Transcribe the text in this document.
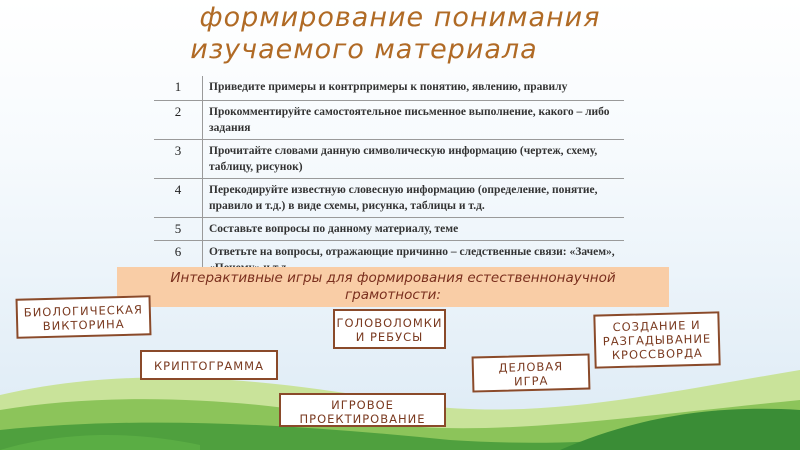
формирование понимания
изучаемого материала
1	Приведите примеры и контрпримеры к понятию, явлению, правилу
2	Прокомментируйте самостоятельное письменное выполнение, какого – либо задания
3	Прочитайте словами данную символическую информацию (чертеж, схему, таблицу, рисунок)
4	Перекодируйте известную словесную информацию (определение, понятие, правило и т.д.) в виде схемы, рисунка, таблицы и т.д.
5	Составьте вопросы по данному материалу, теме
6	Ответьте на вопросы, отражающие причинно – следственные связи: «Зачем»,
Интерактивные игры для формирования естественнонаучной
грамотности:
БИОЛОГИЧЕСКАЯ
ВИКТОРИНА
КРИПТОГРАММА
ГОЛОВОЛОМКИ
И РЕБУСЫ
ИГРОВОЕ
ПРОЕКТИРОВАНИЕ
ДЕЛОВАЯ
ИГРА
СОЗДАНИЕ И
РАЗГАДЫВАНИЕ
КРОССВОРДА
